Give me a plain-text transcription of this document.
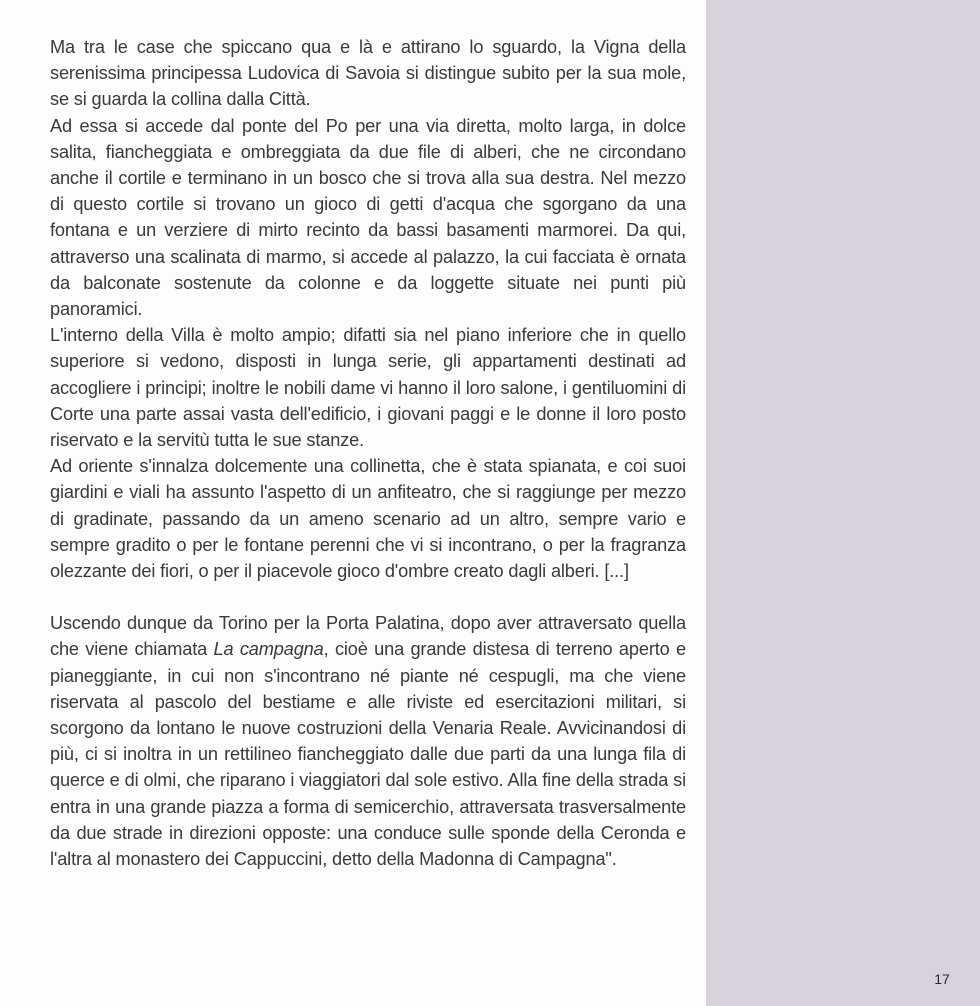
Ma tra le case che spiccano qua e là e attirano lo sguardo, la Vigna della serenissima principessa Ludovica di Savoia si distingue subito per la sua mole, se si guarda la collina dalla Città.

Ad essa si accede dal ponte del Po per una via diretta, molto larga, in dolce salita, fiancheggiata e ombreggiata da due file di alberi, che ne circondano anche il cortile e terminano in un bosco che si trova alla sua destra. Nel mezzo di questo cortile si trovano un gioco di getti d'acqua che sgorgano da una fontana e un verziere di mirto recinto da bassi basamenti marmorei. Da qui, attraverso una scalinata di marmo, si accede al palazzo, la cui facciata è ornata da balconate sostenute da colonne e da loggette situate nei punti più panoramici.

L'interno della Villa è molto ampio; difatti sia nel piano inferiore che in quello superiore si vedono, disposti in lunga serie, gli appartamenti destinati ad accogliere i principi; inoltre le nobili dame vi hanno il loro salone, i gentiluomini di Corte una parte assai vasta dell'edificio, i giovani paggi e le donne il loro posto riservato e la servitù tutta le sue stanze.

Ad oriente s'innalza dolcemente una collinetta, che è stata spianata, e coi suoi giardini e viali ha assunto l'aspetto di un anfiteatro, che si raggiunge per mezzo di gradinate, passando da un ameno scenario ad un altro, sempre vario e sempre gradito o per le fontane perenni che vi si incontrano, o per la fragranza olezzante dei fiori, o per il piacevole gioco d'ombre creato dagli alberi. [...]

Uscendo dunque da Torino per la Porta Palatina, dopo aver attraversato quella che viene chiamata La campagna, cioè una grande distesa di terreno aperto e pianeggiante, in cui non s'incontrano né piante né cespugli, ma che viene riservata al pascolo del bestiame e alle riviste ed esercitazioni militari, si scorgono da lontano le nuove costruzioni della Venaria Reale. Avvicinandosi di più, ci si inoltra in un rettilineo fiancheggiato dalle due parti da una lunga fila di querce e di olmi, che riparano i viaggiatori dal sole estivo. Alla fine della strada si entra in una grande piazza a forma di semicerchio, attraversata trasversalmente da due strade in direzioni opposte: una conduce sulle sponde della Ceronda e l'altra al monastero dei Cappuccini, detto della Madonna di Campagna".

17
